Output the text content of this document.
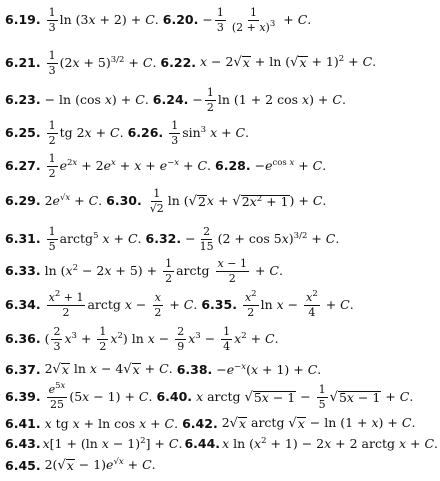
6.19. $\frac{1}{3}$ ln (3x + 2) + C. 6.20. − $\frac{1}{3} \frac{1}{(2 + x)^3} + C$.
6.21. $\frac{1}{3} (2x + 5)^{3/2} + C$. 6.22. x − 2 √ x + ln ( √ x + 1)$^2$ + C.
6.23. − ln (cos x) + C. 6.24. − $\frac{1}{2}$ ln (1 + 2 cos x) + C.
6.25. $\frac{1}{2}$ tg 2x + C. 6.26. $\frac{1}{3} \sin^3 x + C$.
6.27. $\frac{1}{2} e^{2x} + 2e^x + x + e^{-x} + C$. 6.28. $-e^{cos x} + C$.
6.29. $2e^{√x} + C$. 6.30. $\frac{1}{√2}$ ln ( √ 2 x + √ $2x^2 + 1$ ) + C.
6.31. $\frac{1}{5}$ arctg$^5$ x + C. 6.32. − $\frac{2}{15} (2 + \cos 5x)^{3/2} + C$.
6.33. $\ln (x^2 - 2x + 5) + \frac{1}{2}$ arctg $\frac{x - 1}{2} + C$.
6.34. $\frac{x^2 + 1}{2}$ arctg $x - \frac{x}{2} + C$. 6.35. $\frac{x^2}{2}$ $\ln x - \frac{x^2}{4} + C$.
6.36. ( $\frac{2}{3} x^3 + \frac{1}{2} x^2$) $\ln x - \frac{2}{9} x^3 - \frac{1}{4} x^2 + C$.
6.37. 2 √ x ln x − 4 √ x + C. 6.38. $-e^{-x}(x + 1) + C$.
6.39. $\frac{e^{5x}}{25} (5x - 1) + C$. 6.40. x arctg √ $5x - 1 - \frac{1}{5}$ √ 5x − 1 + C.
6.41. x tg x + ln cos x + C. 6.42. 2 √ x arctg √ x − ln (1 + x) + C.
6.43. x[1 + (ln x − 1)$^2$] + C. 6.44. x $\ln (x^2 + 1) - 2x + 2$ arctg x + C.
6.45. 2( √ $x - 1)e^{√x} + C$.
